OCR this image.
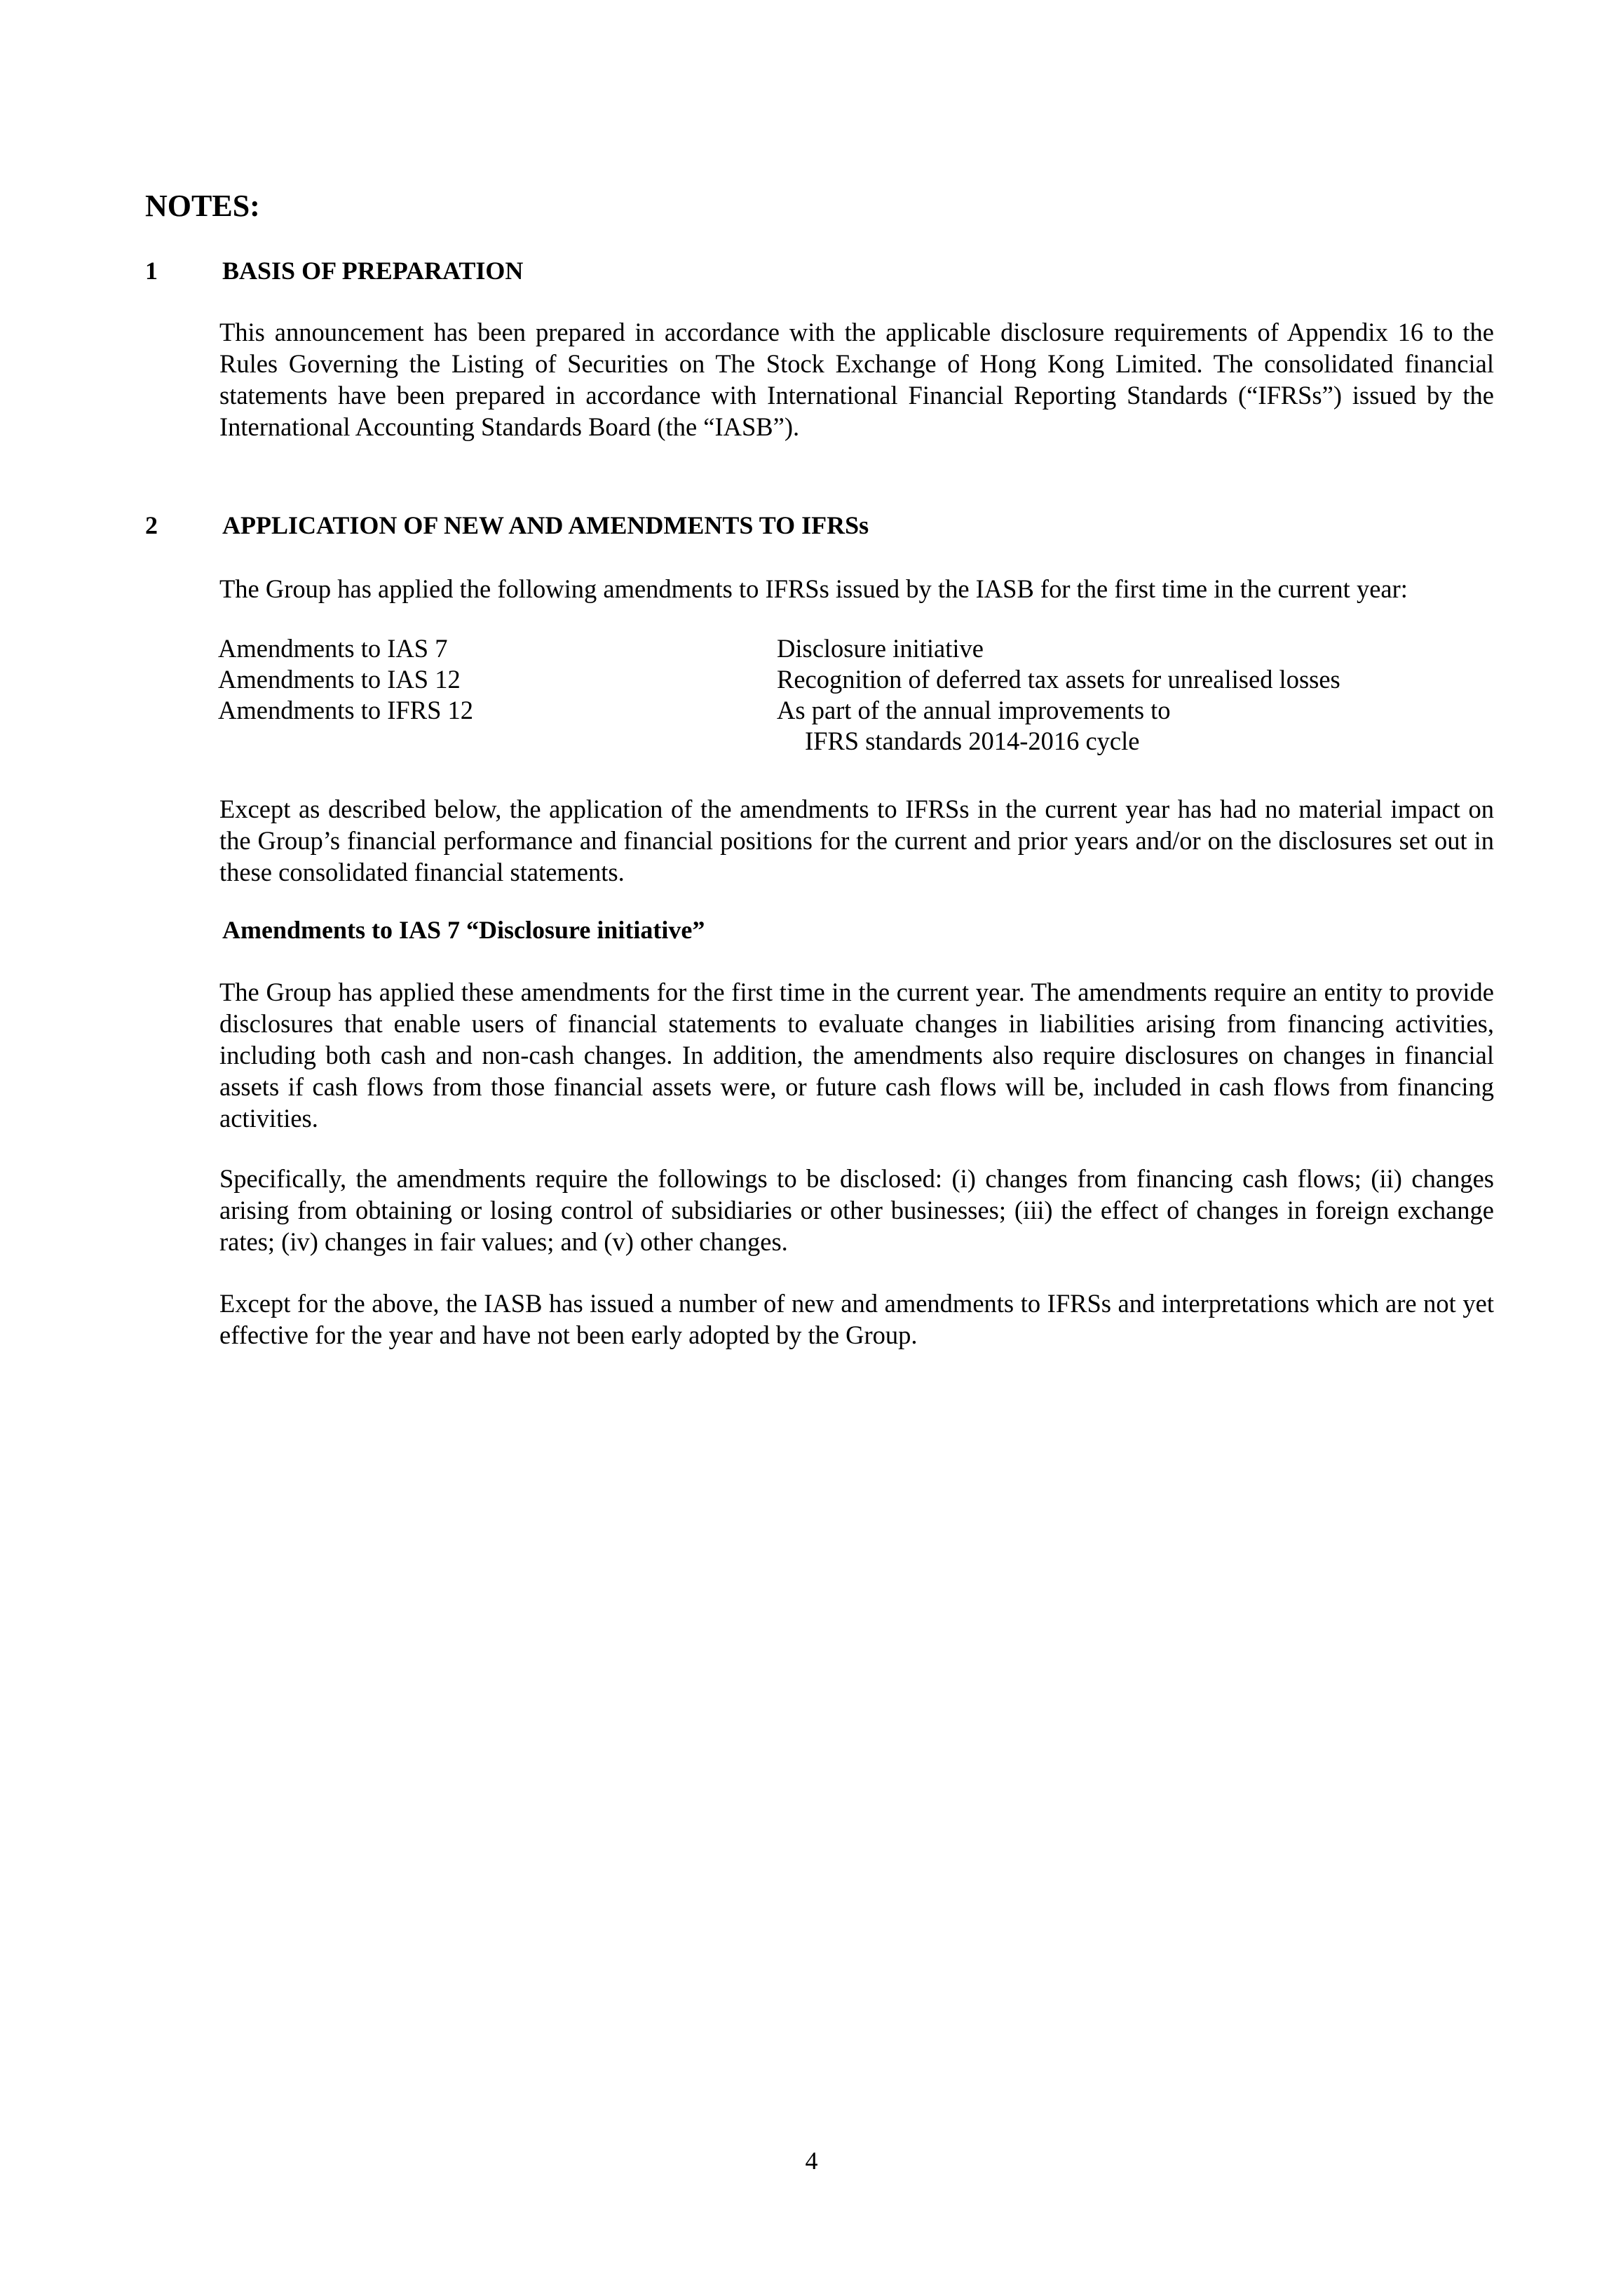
NOTES:
1	BASIS OF PREPARATION

This announcement has been prepared in accordance with the applicable disclosure requirements of Appendix 16 to the Rules Governing the Listing of Securities on The Stock Exchange of Hong Kong Limited. The consolidated financial statements have been prepared in accordance with International Financial Reporting Standards (“IFRSs”) issued by the International Accounting Standards Board (the “IASB”).

2	APPLICATION OF NEW AND AMENDMENTS TO IFRSs

The Group has applied the following amendments to IFRSs issued by the IASB for the first time in the current year:

Amendments to IAS 7	Disclosure initiative
Amendments to IAS 12	Recognition of deferred tax assets for unrealised losses
Amendments to IFRS 12	As part of the annual improvements to
IFRS standards 2014-2016 cycle

Except as described below, the application of the amendments to IFRSs in the current year has had no material impact on the Group’s financial performance and financial positions for the current and prior years and/or on the disclosures set out in these consolidated financial statements.

Amendments to IAS 7 “Disclosure initiative”

The Group has applied these amendments for the first time in the current year. The amendments require an entity to provide disclosures that enable users of financial statements to evaluate changes in liabilities arising from financing activities, including both cash and non-cash changes. In addition, the amendments also require disclosures on changes in financial assets if cash flows from those financial assets were, or future cash flows will be, included in cash flows from financing activities.

Specifically, the amendments require the followings to be disclosed: (i) changes from financing cash flows; (ii) changes arising from obtaining or losing control of subsidiaries or other businesses; (iii) the effect of changes in foreign exchange rates; (iv) changes in fair values; and (v) other changes.

Except for the above, the IASB has issued a number of new and amendments to IFRSs and interpretations which are not yet effective for the year and have not been early adopted by the Group.

4
